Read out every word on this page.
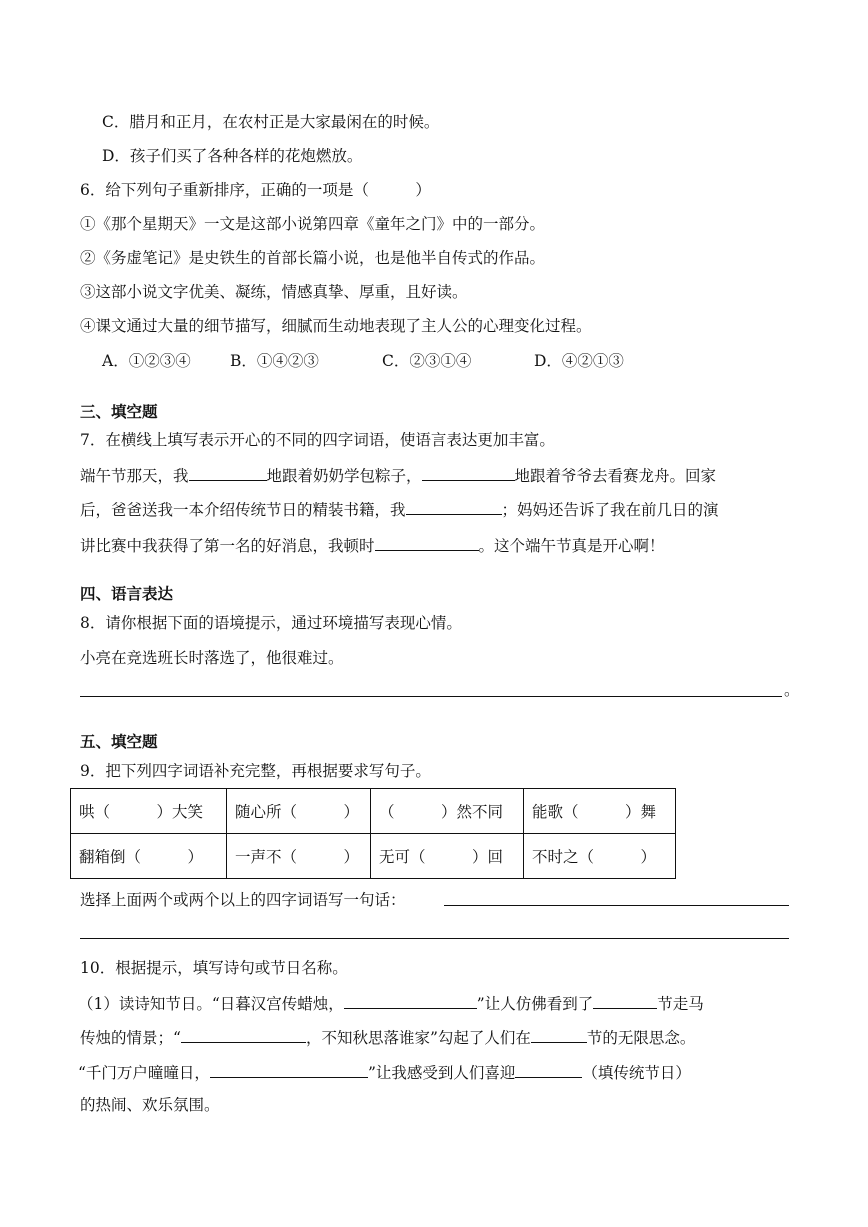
C．腊月和正月，在农村正是大家最闲在的时候。
D．孩子们买了各种各样的花炮燃放。
6．给下列句子重新排序，正确的一项是（　　　）
①《那个星期天》一文是这部小说第四章《童年之门》中的一部分。
②《务虚笔记》是史铁生的首部长篇小说，也是他半自传式的作品。
③这部小说文字优美、凝练，情感真挚、厚重，且好读。
④课文通过大量的细节描写，细腻而生动地表现了主人公的心理变化过程。
A．①②③④	B．①④②③	C．②③①④	D．④②①③
三、填空题
7．在横线上填写表示开心的不同的四字词语，使语言表达更加丰富。
端午节那天，我	地跟着奶奶学包粽子，	地跟着爷爷去看赛龙舟。回家
后，爸爸送我一本介绍传统节日的精装书籍，我	；妈妈还告诉了我在前几日的演
讲比赛中我获得了第一名的好消息，我顿时	。这个端午节真是开心啊！
四、语言表达
8．请你根据下面的语境提示，通过环境描写表现心情。
小亮在竞选班长时落选了，他很难过。
。
五、填空题
9．把下列四字词语补充完整，再根据要求写句子。
哄（　　　）大笑	随心所（　　　）	（　　　）然不同	能歌（　　　）舞
翻箱倒（　　　）	一声不（　　　）	无可（　　　）回	不时之（　　　）
选择上面两个或两个以上的四字词语写一句话：
10．根据提示，填写诗句或节日名称。
（1）读诗知节日。“日暮汉宫传蜡烛，	”让人仿佛看到了	节走马
传烛的情景；“	，不知秋思落谁家”勾起了人们在	节的无限思念。
“千门万户曈曈日，	”让我感受到人们喜迎	（填传统节日）
的热闹、欢乐氛围。
